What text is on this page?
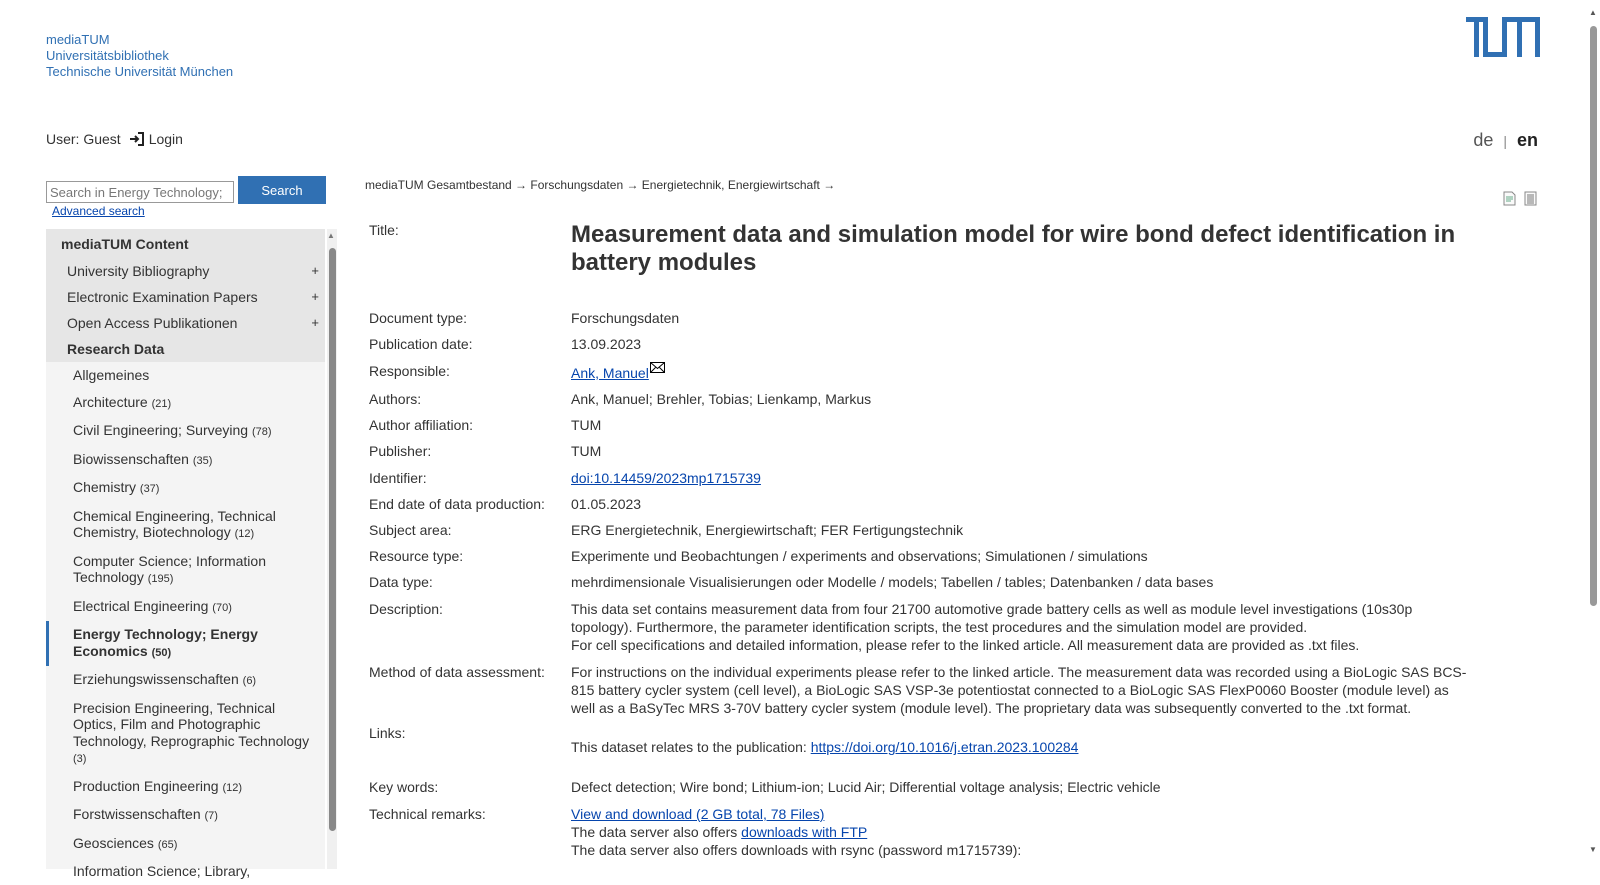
mediaTUM
Universitätsbibliothek
Technische Universität München
User: Guest Login	de | en
Search in Energy Technology;
Search
Advanced search
mediaTUM Content
University Bibliography	+
Electronic Examination Papers	+
Open Access Publikationen	+
Research Data
Allgemeines
Architecture (21)
Civil Engineering; Surveying (78)
Biowissenschaften (35)
Chemistry (37)
Chemical Engineering, Technical Chemistry, Biotechnology (12)
Computer Science; Information Technology (195)
Electrical Engineering (70)
Energy Technology; Energy Economics (50)
Erziehungswissenschaften (6)
Precision Engineering, Technical Optics, Film and Photographic Technology, Reprographic Technology (3)
Production Engineering (12)
Forstwissenschaften (7)
Geosciences (65)
Information Science; Library,
▲
mediaTUM Gesamtbestand → Forschungsdaten → Energietechnik, Energiewirtschaft →
Title:	Measurement data and simulation model for wire bond defect identification in battery modules
Document type:	Forschungsdaten
Publication date:	13.09.2023
Responsible:	Ank, Manuel
Authors:	Ank, Manuel; Brehler, Tobias; Lienkamp, Markus
Author affiliation:	TUM
Publisher:	TUM
Identifier:	doi:10.14459/2023mp1715739
End date of data production:	01.05.2023
Subject area:	ERG Energietechnik, Energiewirtschaft; FER Fertigungstechnik
Resource type:	Experimente und Beobachtungen / experiments and observations; Simulationen / simulations
Data type:	mehrdimensionale Visualisierungen oder Modelle / models; Tabellen / tables; Datenbanken / data bases
Description:	This data set contains measurement data from four 21700 automotive grade battery cells as well as module level investigations (10s30p topology). Furthermore, the parameter identification scripts, the test procedures and the simulation model are provided.
For cell specifications and detailed information, please refer to the linked article. All measurement data are provided as .txt files.
Method of data assessment:	For instructions on the individual experiments please refer to the linked article. The measurement data was recorded using a BioLogic SAS BCS-815 battery cycler system (cell level), a BioLogic SAS VSP-3e potentiostat connected to a BioLogic SAS FlexP0060 Booster (module level) as well as a BaSyTec MRS 3-70V battery cycler system (module level). The proprietary data was subsequently converted to the .txt format.
Links:
This dataset relates to the publication: https://doi.org/10.1016/j.etran.2023.100284
Key words:	Defect detection; Wire bond; Lithium-ion; Lucid Air; Differential voltage analysis; Electric vehicle
Technical remarks:	View and download (2 GB total, 78 Files)
The data server also offers downloads with FTP
The data server also offers downloads with rsync (password m1715739):
▲
▼
